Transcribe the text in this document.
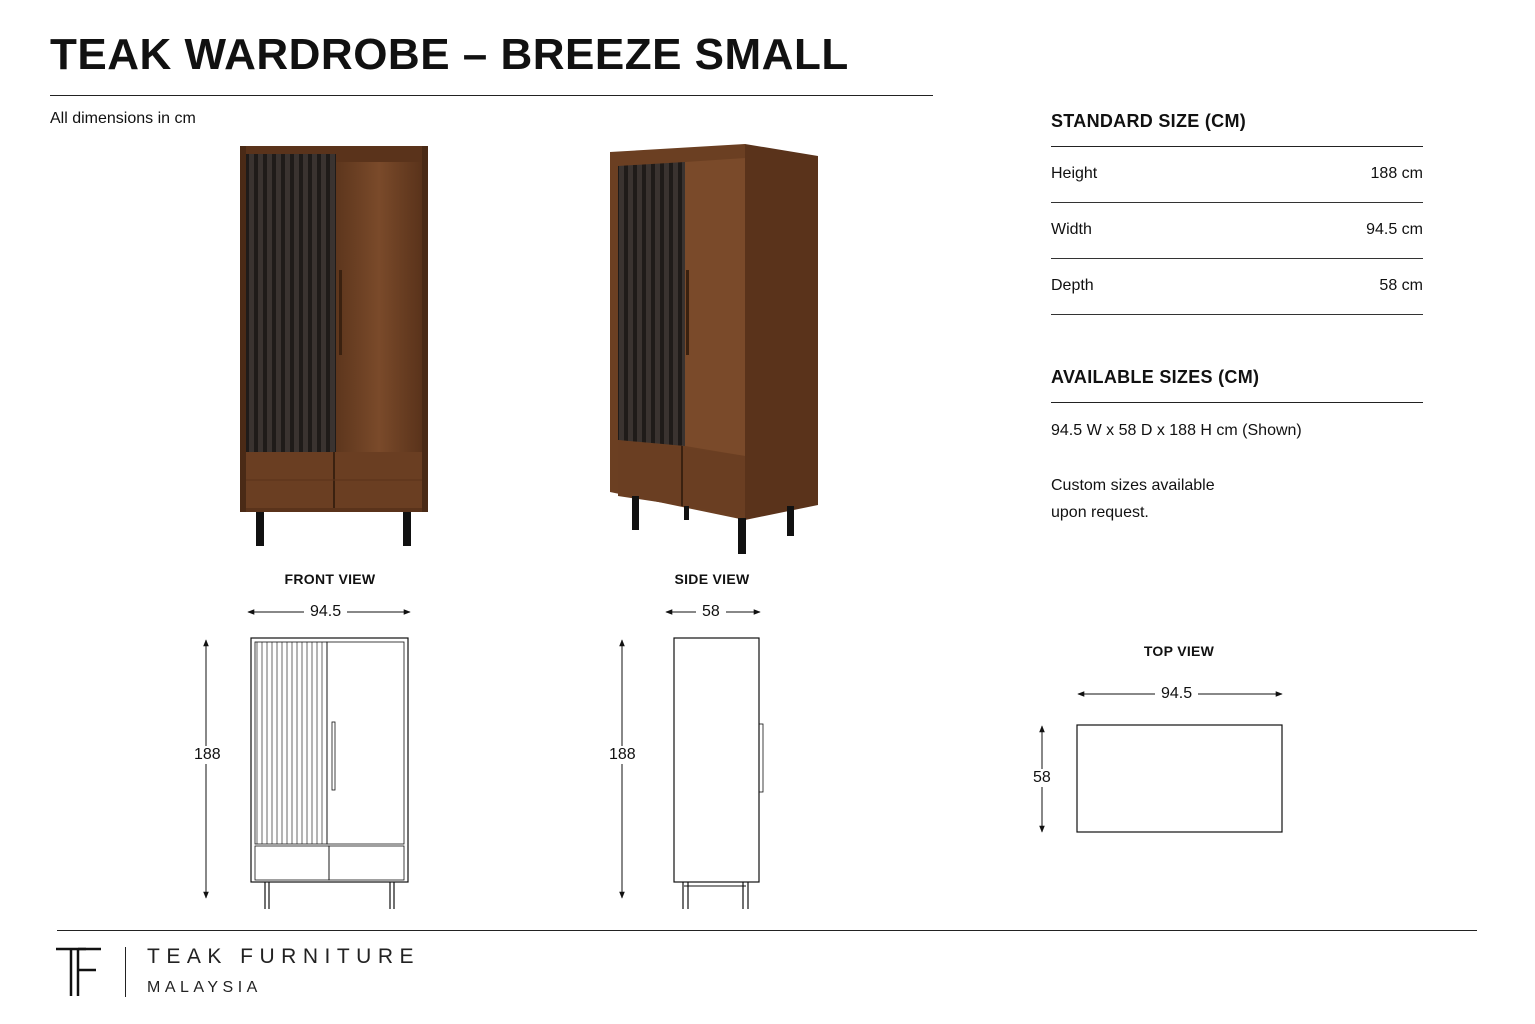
TEAK WARDROBE – BREEZE SMALL
All dimensions in cm
FRONT VIEW	SIDE VIEW
TOP VIEW
94.5
188
58
188
94.5
58
STANDARD SIZE (CM)
Height	188 cm
Width	94.5 cm
Depth	58 cm
AVAILABLE SIZES (CM)
94.5 W x 58 D x 188 H cm (Shown)
Custom sizes available
upon request.
TEAK FURNITURE
MALAYSIA
